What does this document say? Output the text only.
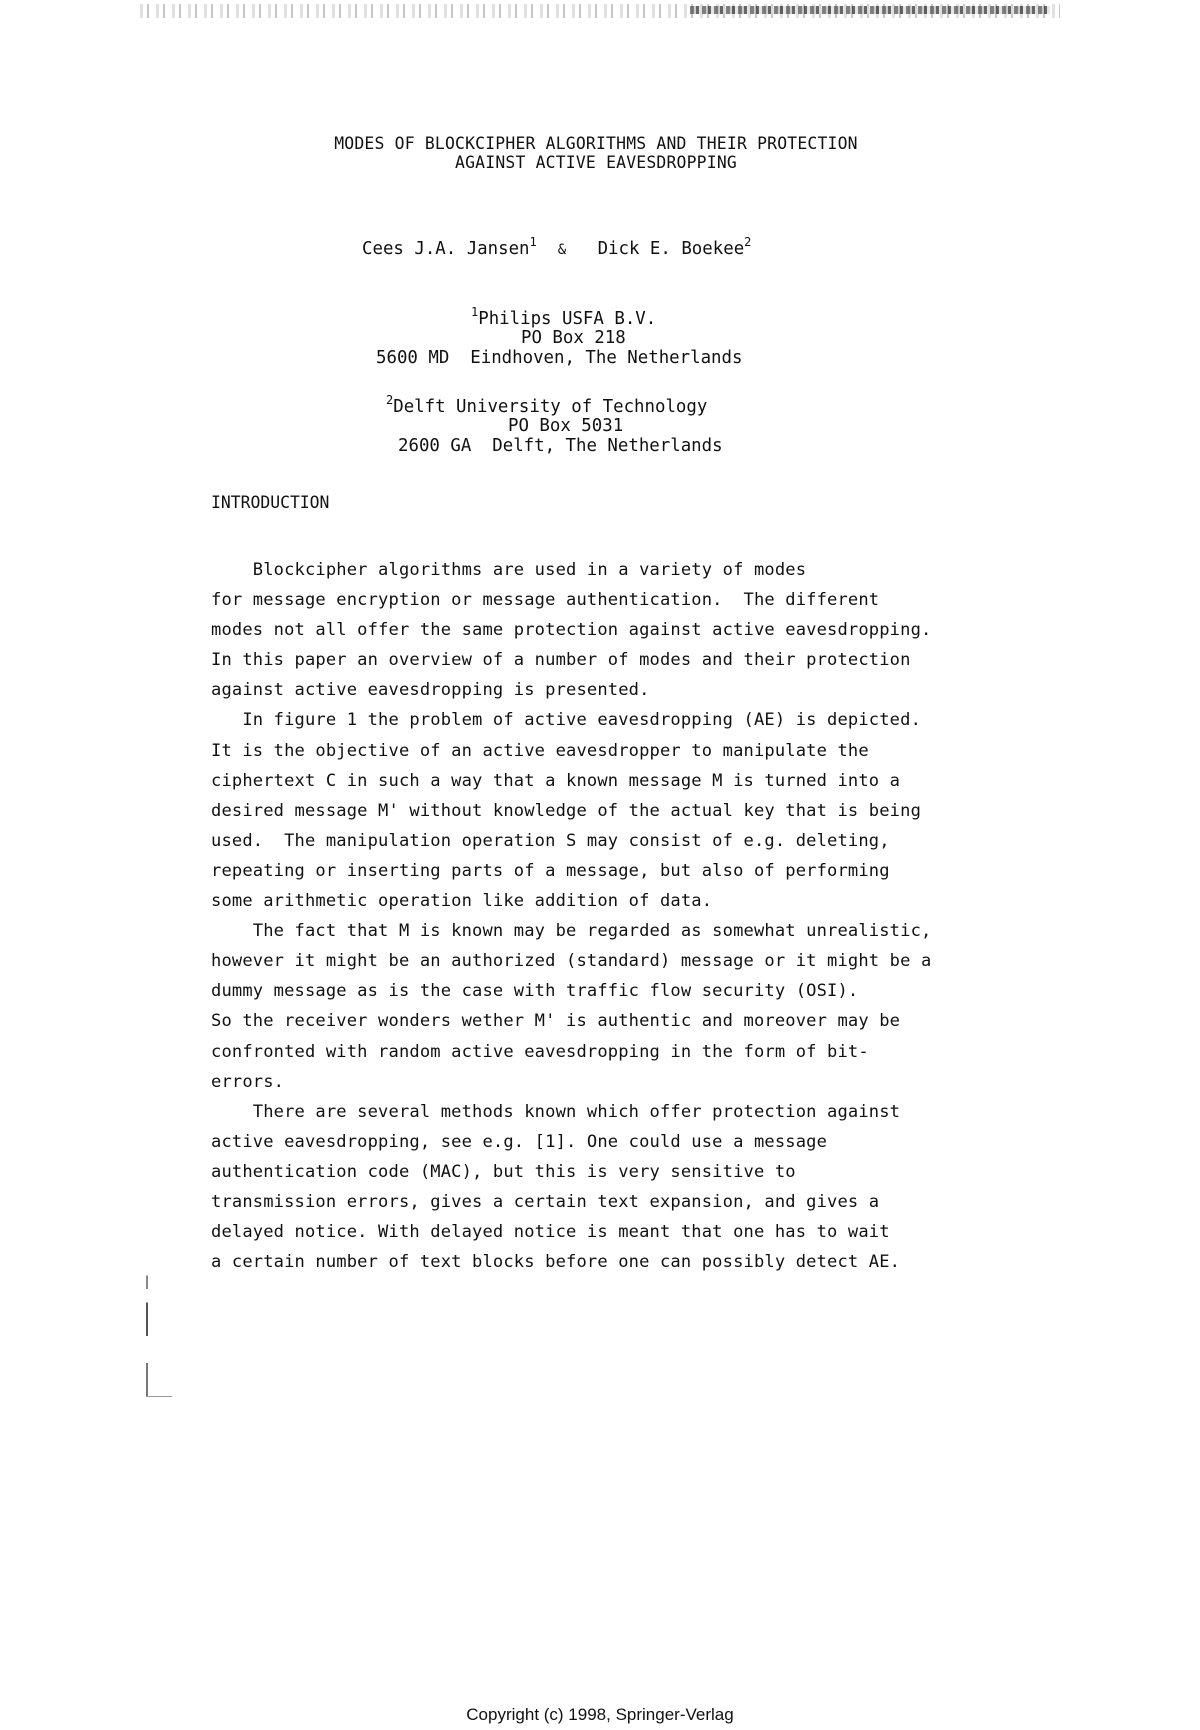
MODES OF BLOCKCIPHER ALGORITHMS AND THEIR PROTECTION
AGAINST ACTIVE EAVESDROPPING
Cees J.A. Jansen$^1$ & Dick E. Boekee$^2$
$^1$Philips USFA B.V.
PO Box 218
5600 MD Eindhoven, The Netherlands
$^2$Delft University of Technology
PO Box 5031
2600 GA Delft, The Netherlands
INTRODUCTION
Blockcipher algorithms are used in a variety of modes
for message encryption or message authentication.  The different
modes not all offer the same protection against active eavesdropping.
In this paper an overview of a number of modes and their protection
against active eavesdropping is presented.
In figure 1 the problem of active eavesdropping (AE) is depicted.
It is the objective of an active eavesdropper to manipulate the
ciphertext C in such a way that a known message M is turned into a
desired message M' without knowledge of the actual key that is being
used.  The manipulation operation S may consist of e.g. deleting,
repeating or inserting parts of a message, but also of performing
some arithmetic operation like addition of data.
The fact that M is known may be regarded as somewhat unrealistic,
however it might be an authorized (standard) message or it might be a
dummy message as is the case with traffic flow security (OSI).
So the receiver wonders wether M' is authentic and moreover may be
confronted with random active eavesdropping in the form of bit-
errors.
There are several methods known which offer protection against
active eavesdropping, see e.g. [1]. One could use a message
authentication code (MAC), but this is very sensitive to
transmission errors, gives a certain text expansion, and gives a
delayed notice. With delayed notice is meant that one has to wait
a certain number of text blocks before one can possibly detect AE.
Copyright (c) 1998, Springer-Verlag
